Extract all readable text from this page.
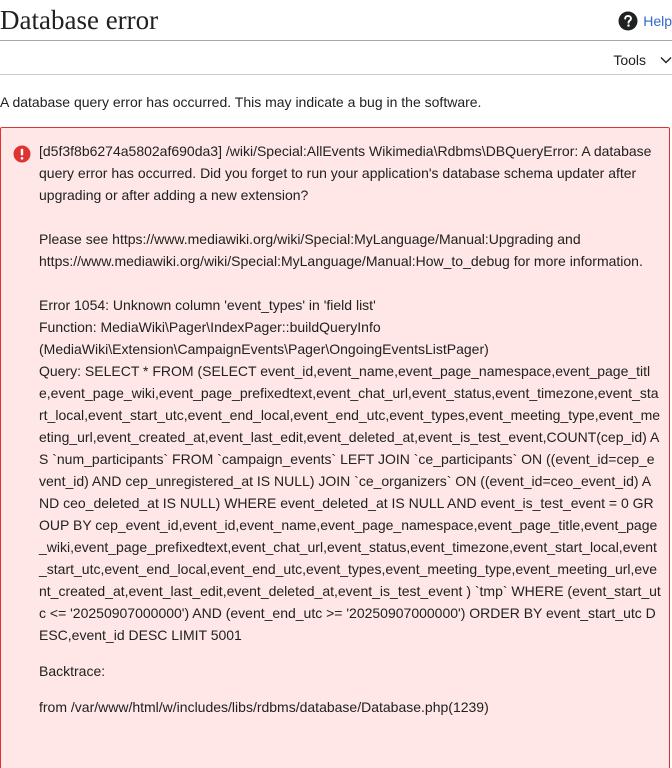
Database error	Help
Tools

A database query error has occurred. This may indicate a bug in the software.

[d5f3f8b6274a5802af690da3] /wiki/Special:AllEvents Wikimedia\Rdbms\DBQueryError: A database query error has occurred. Did you forget to run your application's database schema updater after upgrading or after adding a new extension?

Please see https://www.mediawiki.org/wiki/Special:MyLanguage/Manual:Upgrading and https://www.mediawiki.org/wiki/Special:MyLanguage/Manual:How_to_debug for more information.

Error 1054: Unknown column 'event_types' in 'field list'

Function: MediaWiki\Pager\IndexPager::buildQueryInfo (MediaWiki\Extension\CampaignEvents\Pager\OngoingEventsListPager)

Query: SELECT * FROM (SELECT event_id,event_name,event_page_namespace,event_page_title,event_page_wiki,event_page_prefixedtext,event_chat_url,event_status,event_timezone,event_start_local,event_start_utc,event_end_local,event_end_utc,event_types,event_meeting_type,event_meeting_url,event_created_at,event_last_edit,event_deleted_at,event_is_test_event,COUNT(cep_id) AS `num_participants` FROM `campaign_events` LEFT JOIN `ce_participants` ON ((event_id=cep_event_id) AND cep_unregistered_at IS NULL) JOIN `ce_organizers` ON ((event_id=ceo_event_id) AND ceo_deleted_at IS NULL) WHERE event_deleted_at IS NULL AND event_is_test_event = 0 GROUP BY cep_event_id,event_id,event_name,event_page_namespace,event_page_title,event_page_wiki,event_page_prefixedtext,event_chat_url,event_status,event_timezone,event_start_local,event_start_utc,event_end_local,event_end_utc,event_types,event_meeting_type,event_meeting_url,event_created_at,event_last_edit,event_deleted_at,event_is_test_event ) `tmp` WHERE (event_start_utc <= '20250907000000') AND (event_end_utc >= '20250907000000') ORDER BY event_start_utc DESC,event_id DESC LIMIT 5001

Backtrace:

from /var/www/html/w/includes/libs/rdbms/database/Database.php(1239)
